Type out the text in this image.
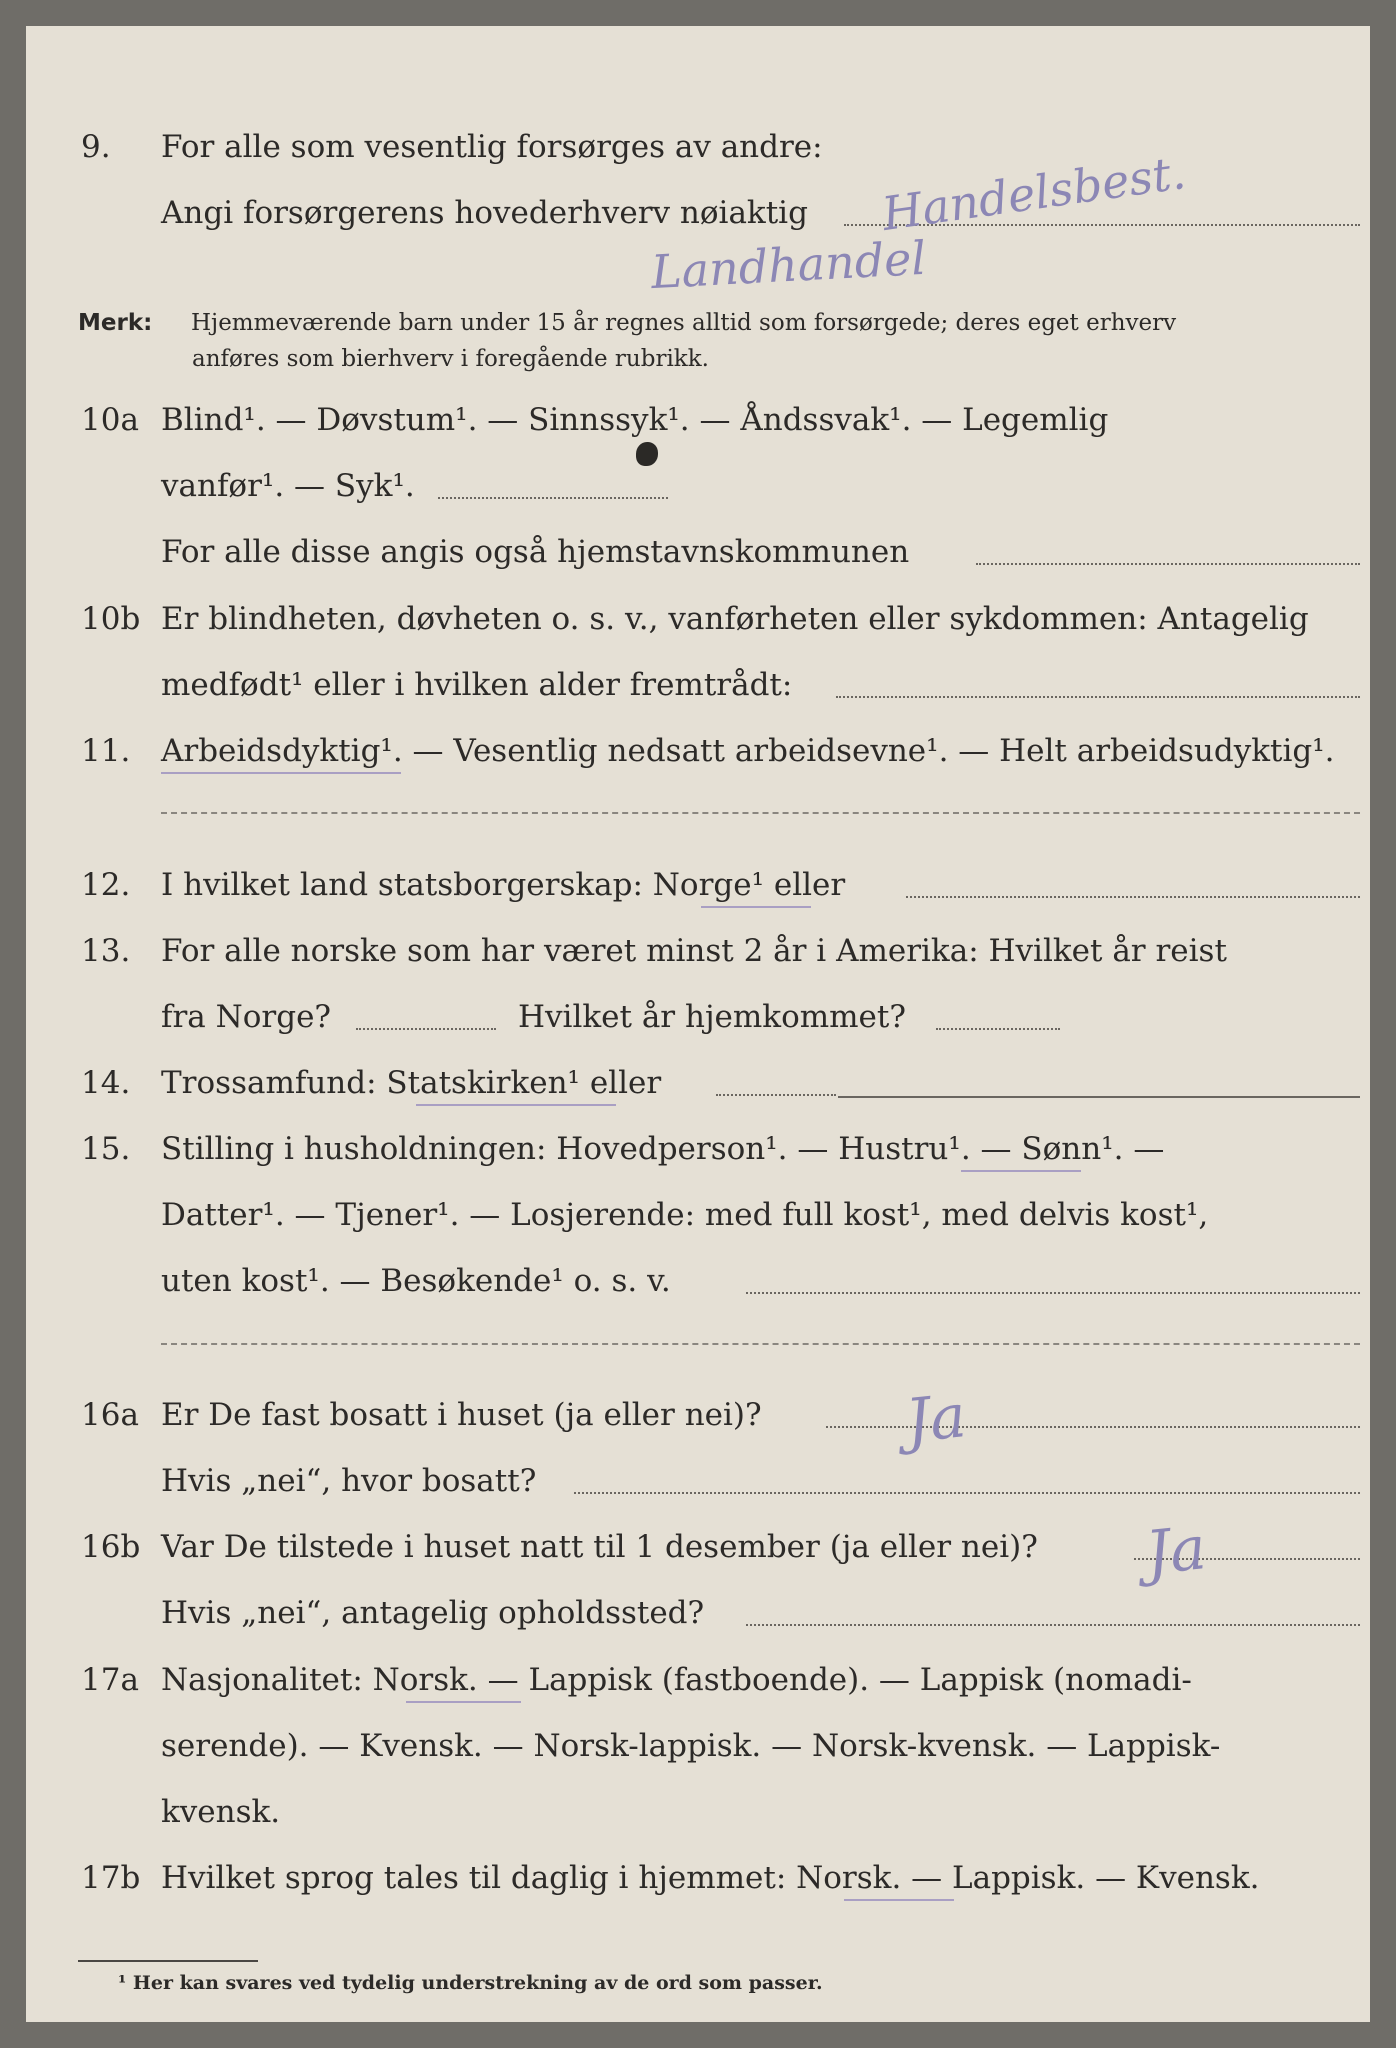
9. For alle som vesentlig forsørges av andre:
Angi forsørgerens hovederhverv nøiaktig Handelsbest.
Landhandel
Merk: Hjemmeværende barn under 15 år regnes alltid som forsørgede; deres eget erhverv
anføres som bierhverv i foregående rubrikk.
10a Blind¹. — Døvstum¹. — Sinnssyk¹. — Åndssvak¹. — Legemlig
vanfør¹. — Syk¹.
For alle disse angis også hjemstavnskommunen
10b Er blindheten, døvheten o. s. v., vanførheten eller sykdommen: Antagelig
medfødt¹ eller i hvilken alder fremtrådt:
11. Arbeidsdyktig¹. — Vesentlig nedsatt arbeidsevne¹. — Helt arbeidsudyktig¹.
12. I hvilket land statsborgerskap: Norge¹ eller
13. For alle norske som har været minst 2 år i Amerika: Hvilket år reist
fra Norge?	Hvilket år hjemkommet?
14. Trossamfund: Statskirken¹ eller
15. Stilling i husholdningen: Hovedperson¹. — Hustru¹. — Sønn¹. —
Datter¹. — Tjener¹. — Losjerende: med full kost¹, med delvis kost¹,
uten kost¹. — Besøkende¹ o. s. v.
16a Er De fast bosatt i huset (ja eller nei)? Ja
Hvis „nei“, hvor bosatt?
16b Var De tilstede i huset natt til 1 desember (ja eller nei)? Ja
Hvis „nei“, antagelig opholdssted?
17a Nasjonalitet: Norsk. — Lappisk (fastboende). — Lappisk (nomadi-
serende). — Kvensk. — Norsk-lappisk. — Norsk-kvensk. — Lappisk-
kvensk.
17b Hvilket sprog tales til daglig i hjemmet: Norsk. — Lappisk. — Kvensk.
¹ Her kan svares ved tydelig understrekning av de ord som passer.
